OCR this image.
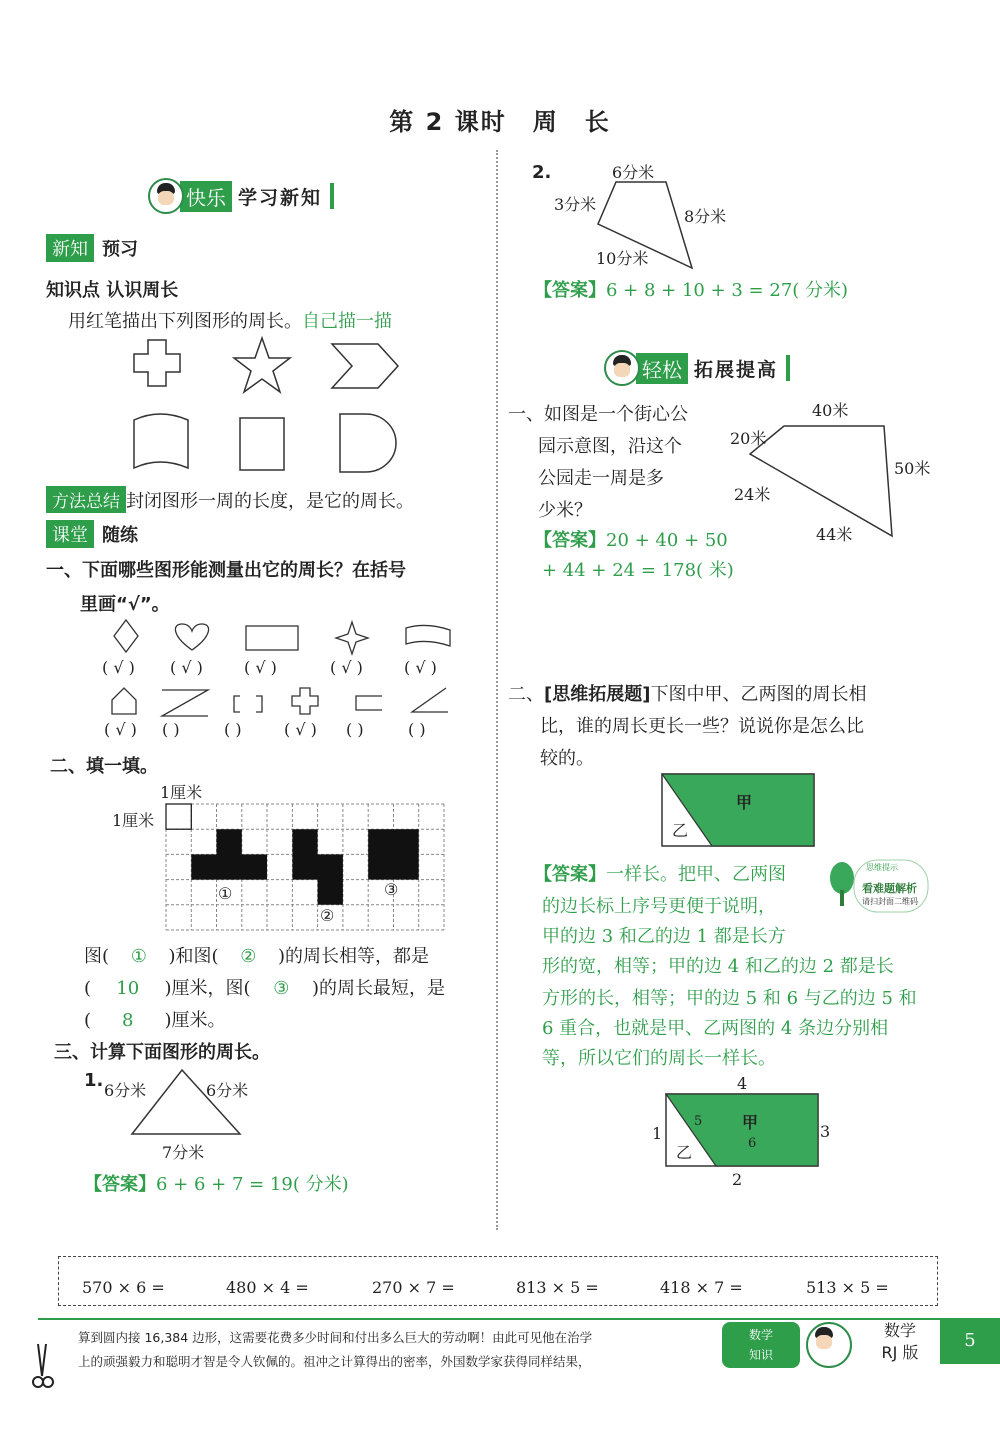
第 2 课时　周　长
快乐 学习新知
新知 预习
知识点 认识周长
用红笔描出下列图形的周长。自己描一描
方法总结 封闭图形一周的长度，是它的周长。
课堂 随练
一、下面哪些图形能测量出它的周长？在括号
里画“√”。
( √ )	( √ )	( √ )	( √ )	( √ )
( √ )	( )	( )	( √ )	( )	( )
二、填一填。
1厘米
1厘米
①
②
③
图( ① )和图( ② )的周长相等，都是
( 10 )厘米，图( ③ )的周长最短，是
( 8 )厘米。
三、计算下面图形的周长。
1. 6分米	6分米
7分米
【答案】6 + 6 + 7 = 19( 分米)
2.	6分米
3分米
8分米
10分米
【答案】6 + 8 + 10 + 3 = 27( 分米)
轻松 拓展提高
一、如图是一个街心公
园示意图，沿这个
公园走一周是多
少米？
40米
20米
50米
24米
44米
【答案】20 + 40 + 50
+ 44 + 24 = 178( 米)
二、[思维拓展题]下图中甲、乙两图的周长相
比，谁的周长更长一些？说说你是怎么比
较的。
甲
乙
思维提示
看难题解析
请扫封面二维码
【答案】一样长。把甲、乙两图
的边长标上序号更便于说明，
甲的边 3 和乙的边 1 都是长方
形的宽，相等；甲的边 4 和乙的边 2 都是长
方形的长，相等；甲的边 5 和 6 与乙的边 5 和
6 重合，也就是甲、乙两图的 4 条边分别相
等，所以它们的周长一样长。
4
1	3
2
5
6
甲
乙
570 × 6 =	480 × 4 =	270 × 7 =	813 × 5 =	418 × 7 =	513 × 5 =
算到圆内接 16,384 边形，这需要花费多少时间和付出多么巨大的劳动啊！由此可见他在治学
上的顽强毅力和聪明才智是令人钦佩的。祖冲之计算得出的密率，外国数学家获得同样结果，
数学
知识
数学
RJ 版
5
